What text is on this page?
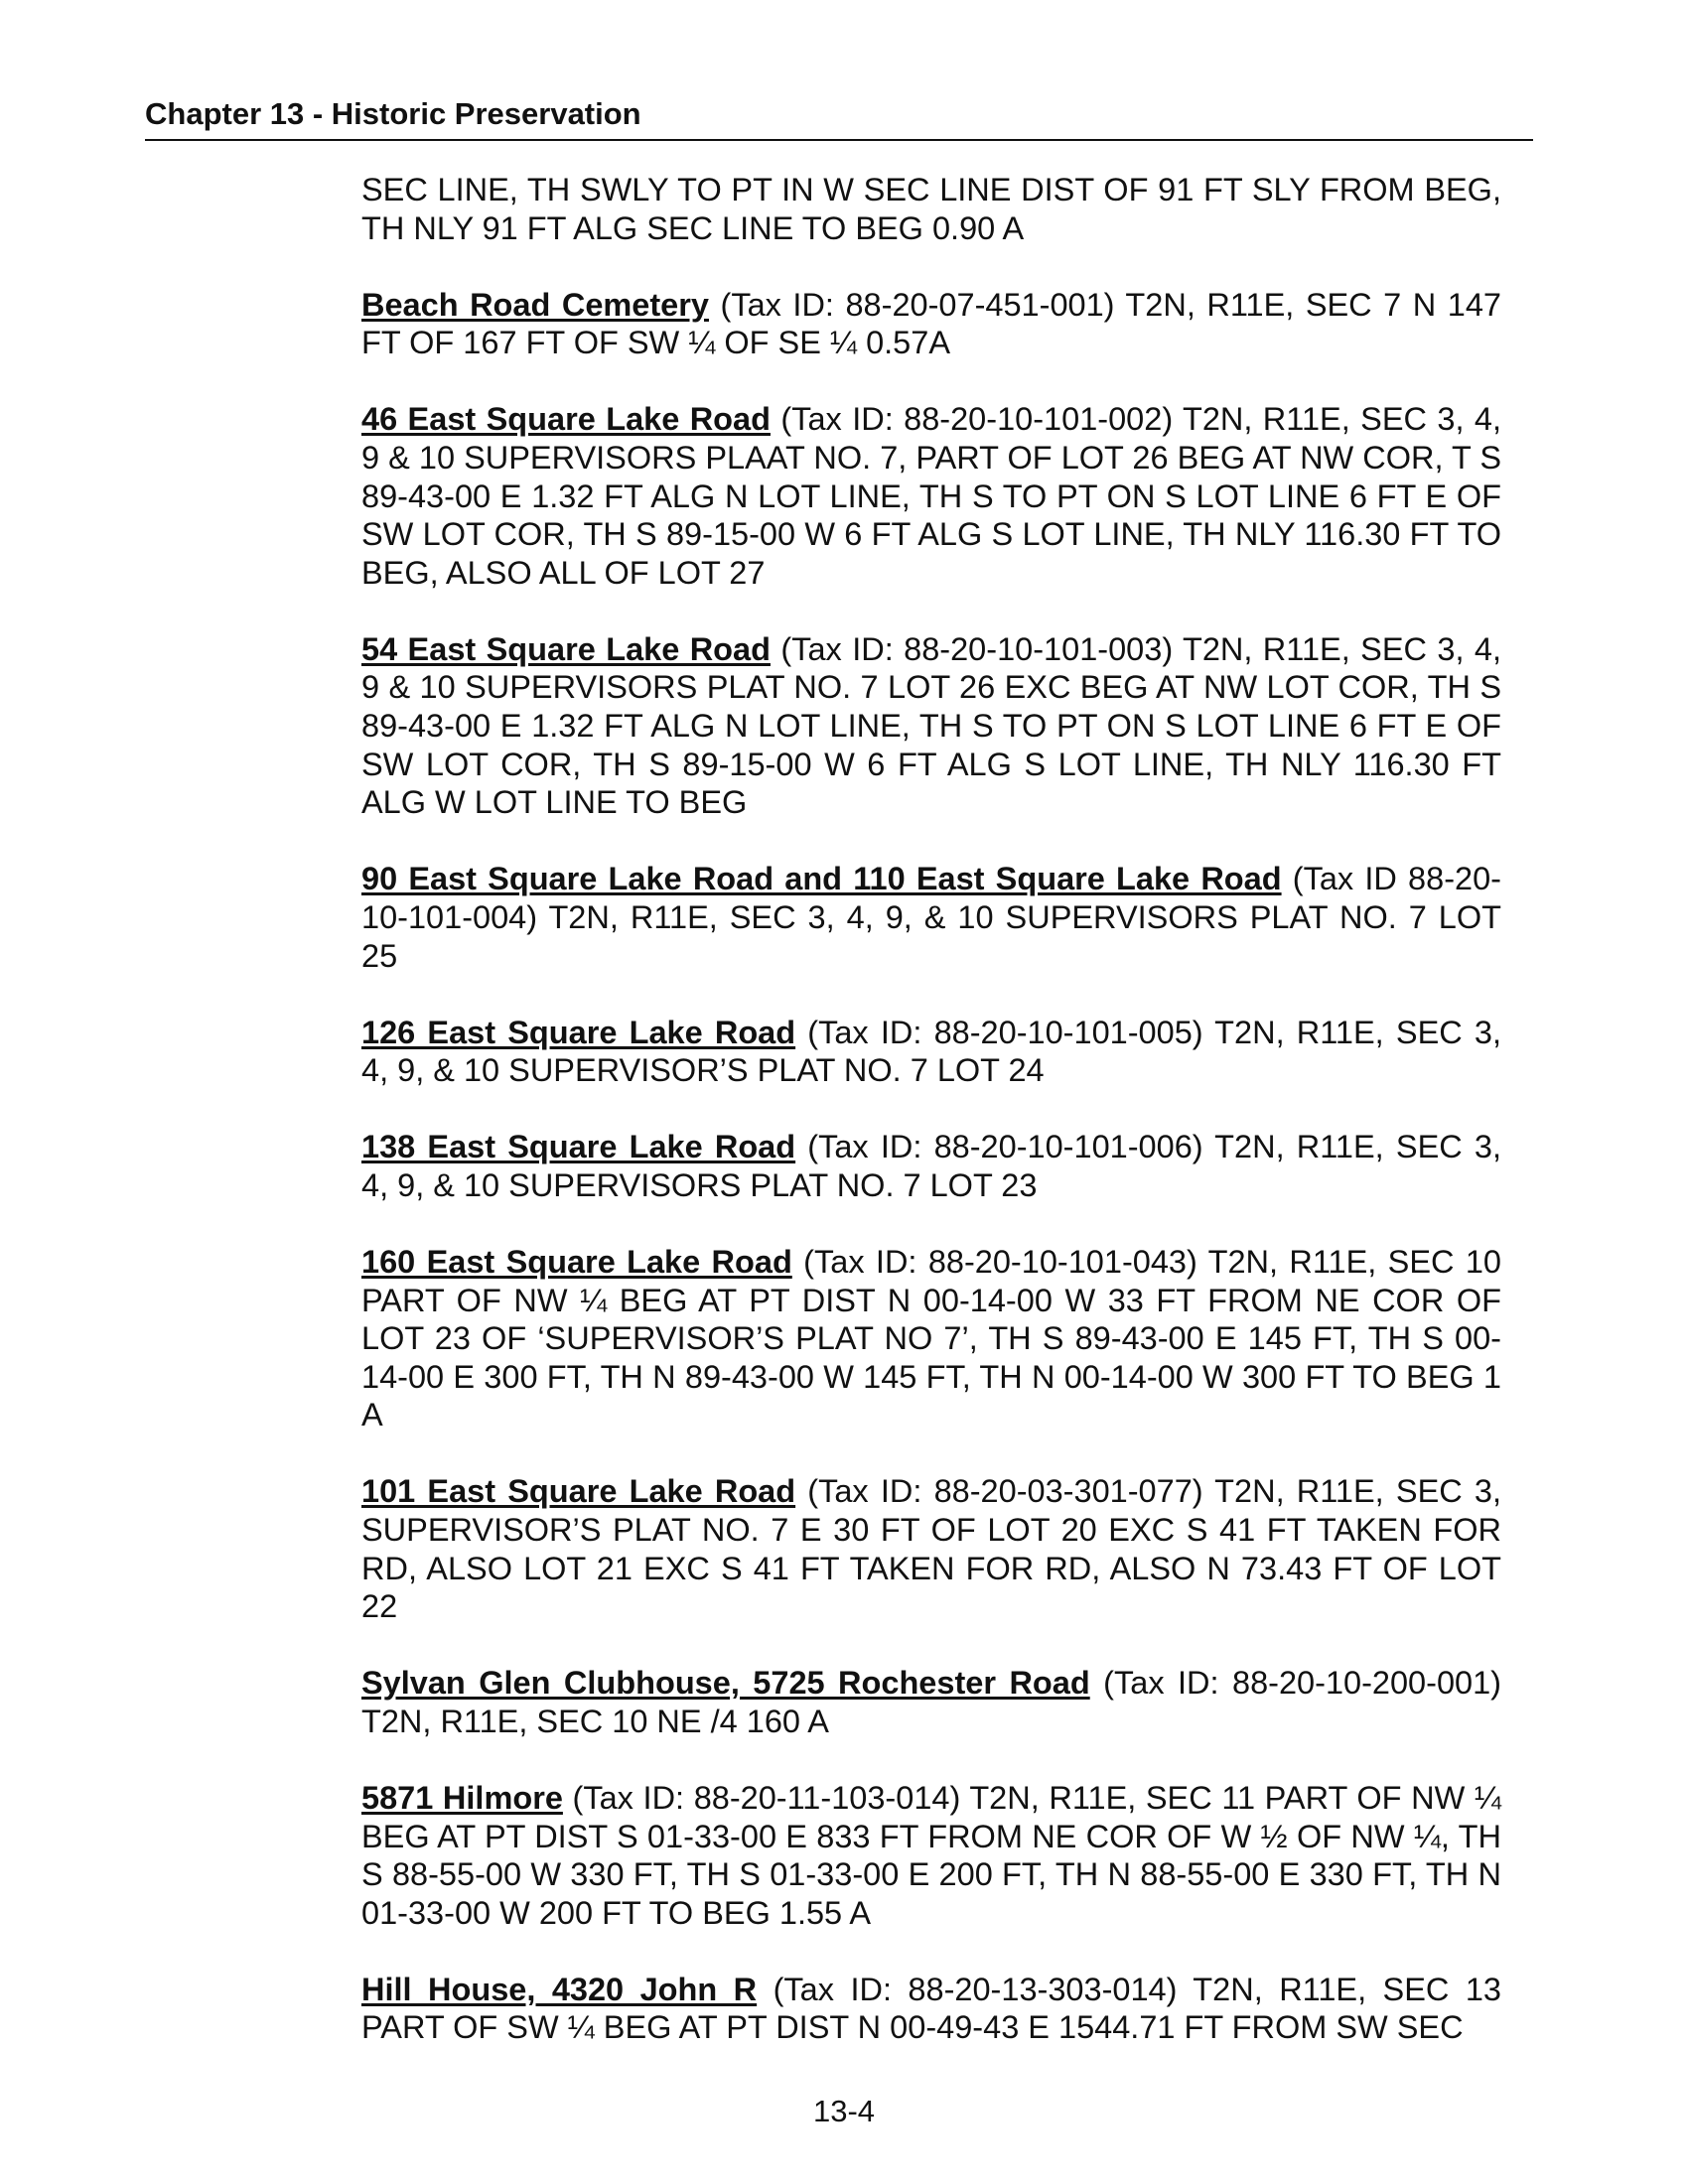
Chapter 13 - Historic Preservation

SEC LINE, TH SWLY TO PT IN W SEC LINE DIST OF 91 FT SLY FROM BEG, TH NLY 91 FT ALG SEC LINE TO BEG 0.90 A

Beach Road Cemetery (Tax ID: 88-20-07-451-001) T2N, R11E, SEC 7 N 147 FT OF 167 FT OF SW ¼ OF SE ¼ 0.57A

46 East Square Lake Road (Tax ID: 88-20-10-101-002) T2N, R11E, SEC 3, 4, 9 & 10 SUPERVISORS PLAAT NO. 7, PART OF LOT 26 BEG AT NW COR, T S 89-43-00 E 1.32 FT ALG N LOT LINE, TH S TO PT ON S LOT LINE 6 FT E OF SW LOT COR, TH S 89-15-00 W 6 FT ALG S LOT LINE, TH NLY 116.30 FT TO BEG, ALSO ALL OF LOT 27

54 East Square Lake Road (Tax ID: 88-20-10-101-003) T2N, R11E, SEC 3, 4, 9 & 10 SUPERVISORS PLAT NO. 7 LOT 26 EXC BEG AT NW LOT COR, TH S 89-43-00 E 1.32 FT ALG N LOT LINE, TH S TO PT ON S LOT LINE 6 FT E OF SW LOT COR, TH S 89-15-00 W 6 FT ALG S LOT LINE, TH NLY 116.30 FT ALG W LOT LINE TO BEG

90 East Square Lake Road and 110 East Square Lake Road (Tax ID 88-20-10-101-004) T2N, R11E, SEC 3, 4, 9, & 10 SUPERVISORS PLAT NO. 7 LOT 25

126 East Square Lake Road (Tax ID: 88-20-10-101-005) T2N, R11E, SEC 3, 4, 9, & 10 SUPERVISOR’S PLAT NO. 7 LOT 24

138 East Square Lake Road (Tax ID: 88-20-10-101-006) T2N, R11E, SEC 3, 4, 9, & 10 SUPERVISORS PLAT NO. 7 LOT 23

160 East Square Lake Road (Tax ID: 88-20-10-101-043) T2N, R11E, SEC 10 PART OF NW ¼ BEG AT PT DIST N 00-14-00 W 33 FT FROM NE COR OF LOT 23 OF ‘SUPERVISOR’S PLAT NO 7’, TH S 89-43-00 E 145 FT, TH S 00-14-00 E 300 FT, TH N 89-43-00 W 145 FT, TH N 00-14-00 W 300 FT TO BEG 1 A

101 East Square Lake Road (Tax ID: 88-20-03-301-077) T2N, R11E, SEC 3, SUPERVISOR’S PLAT NO. 7 E 30 FT OF LOT 20 EXC S 41 FT TAKEN FOR RD, ALSO LOT 21 EXC S 41 FT TAKEN FOR RD, ALSO N 73.43 FT OF LOT 22

Sylvan Glen Clubhouse, 5725 Rochester Road (Tax ID: 88-20-10-200-001) T2N, R11E, SEC 10 NE /4 160 A

5871 Hilmore (Tax ID: 88-20-11-103-014) T2N, R11E, SEC 11 PART OF NW ¼ BEG AT PT DIST S 01-33-00 E 833 FT FROM NE COR OF W ½ OF NW ¼, TH S 88-55-00 W 330 FT, TH S 01-33-00 E 200 FT, TH N 88-55-00 E 330 FT, TH N 01-33-00 W 200 FT TO BEG 1.55 A

Hill House, 4320 John R (Tax ID: 88-20-13-303-014) T2N, R11E, SEC 13 PART OF SW ¼ BEG AT PT DIST N 00-49-43 E 1544.71 FT FROM SW SEC

13-4
